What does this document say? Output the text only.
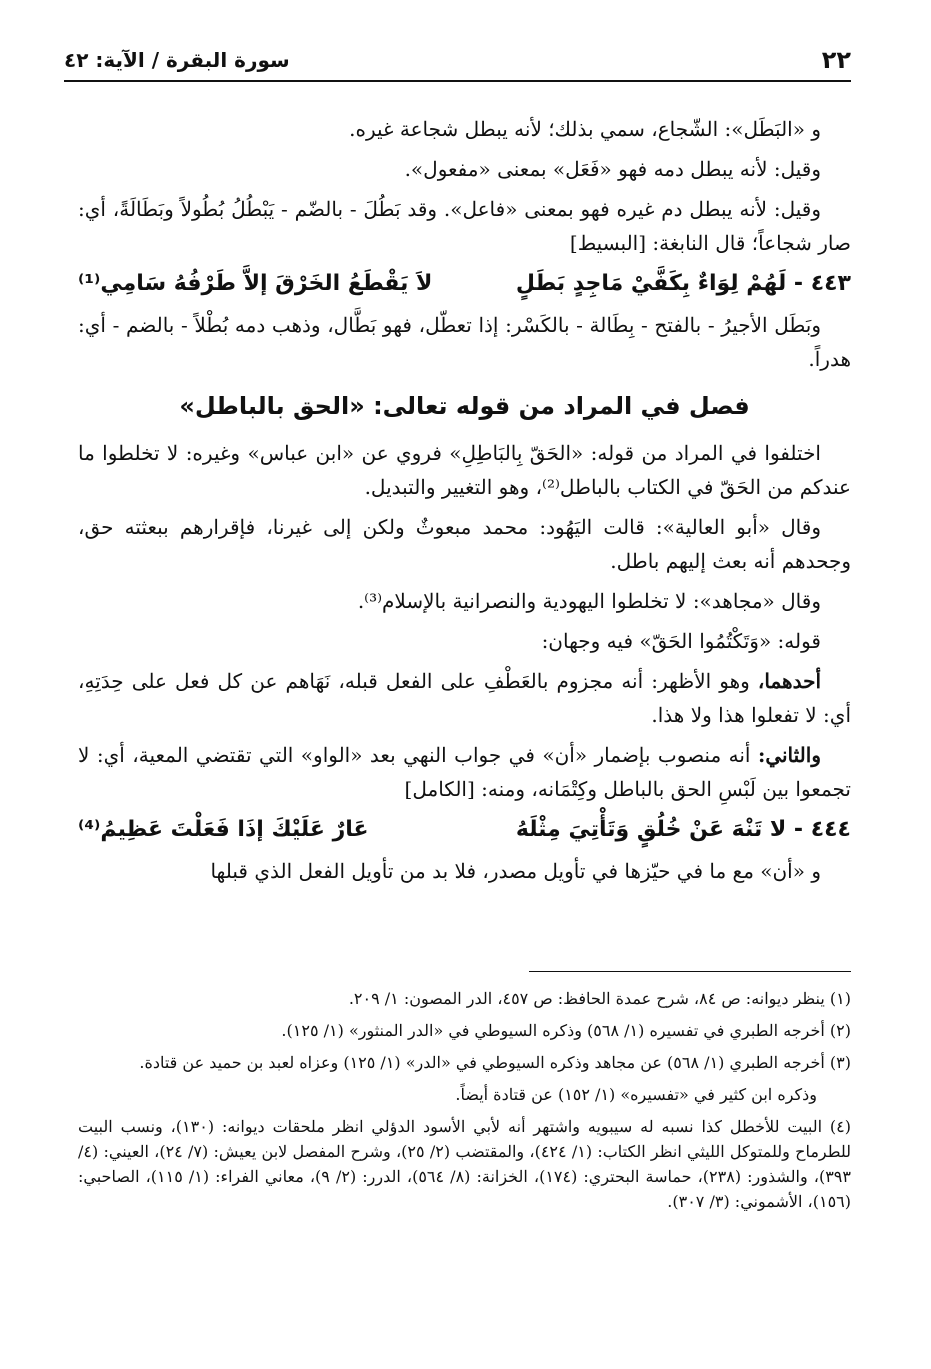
٢٢
سورة البقرة / الآية: ٤٢

و «البَطَل»: الشّجاع، سمي بذلك؛ لأنه يبطل شجاعة غيره.

وقيل: لأنه يبطل دمه فهو «فَعَل» بمعنى «مفعول».

وقيل: لأنه يبطل دم غيره فهو بمعنى «فاعل». وقد بَطُلَ - بالضّم - يَبْطُلُ بُطُولاً وبَطَالَةً، أي: صار شجاعاً؛ قال النابغة: [البسيط]

٤٤٣ - لَهُمْ لِوَاءٌ بِكَفَّيْ مَاجِدٍ بَطَلٍ
لاَ يَقْطَعُ الخَرْقَ إلاَّ طَرْفُهُ سَامِي⁽¹⁾

وبَطَل الأجيرُ - بالفتح - بِطَالة - بالكَسْر: إذا تعطّل، فهو بَطَّال، وذهب دمه بُطْلاً - بالضم - أي: هدراً.

فصل في المراد من قوله تعالى: «الحق بالباطل»

اختلفوا في المراد من قوله: «الحَقّ بِالبَاطِلِ» فروي عن «ابن عباس» وغيره: لا تخلطوا ما عندكم من الحَقّ في الكتاب بالباطل⁽²⁾، وهو التغيير والتبديل.

وقال «أبو العالية»: قالت اليَهُود: محمد مبعوثٌ ولكن إلى غيرنا، فإقرارهم ببعثته حق، وجحدهم أنه بعث إليهم باطل.

وقال «مجاهد»: لا تخلطوا اليهودية والنصرانية بالإسلام⁽³⁾.

قوله: «وَتَكْتُمُوا الحَقّ» فيه وجهان:

أحدهما، وهو الأظهر: أنه مجزوم بالعَطْفِ على الفعل قبله، نَهَاهم عن كل فعل على حِدَتِهِ، أي: لا تفعلوا هذا ولا هذا.

والثاني: أنه منصوب بإضمار «أن» في جواب النهي بعد «الواو» التي تقتضي المعية، أي: لا تجمعوا بين لَبْسِ الحق بالباطل وكِتْمَانه، ومنه: [الكامل]

٤٤٤ - لا تَنْهَ عَنْ خُلُقٍ وَتَأْتِيَ مِثْلَهُ
عَارٌ عَلَيْكَ إذَا فَعَلْتَ عَظِيمُ⁽⁴⁾

و «أن» مع ما في حيّزها في تأويل مصدر، فلا بد من تأويل الفعل الذي قبلها

(١) ينظر ديوانه: ص ٨٤، شرح عمدة الحافظ: ص ٤٥٧، الدر المصون: ١/ ٢٠٩.

(٢) أخرجه الطبري في تفسيره (١/ ٥٦٨) وذكره السيوطي في «الدر المنثور» (١/ ١٢٥).

(٣) أخرجه الطبري (١/ ٥٦٨) عن مجاهد وذكره السيوطي في «الدر» (١/ ١٢٥) وعزاه لعبد بن حميد عن قتادة.

وذكره ابن كثير في «تفسيره» (١/ ١٥٢) عن قتادة أيضاً.

(٤) البيت للأخطل كذا نسبه له سيبويه واشتهر أنه لأبي الأسود الدؤلي انظر ملحقات ديوانه: (١٣٠)، ونسب البيت للطرماح وللمتوكل الليثي انظر الكتاب: (١/ ٤٢٤)، والمقتضب (٢/ ٢٥)، وشرح المفصل لابن يعيش: (٧/ ٢٤)، العيني: (٤/ ٣٩٣)، والشذور: (٢٣٨)، حماسة البحتري: (١٧٤)، الخزانة: (٨/ ٥٦٤)، الدرر: (٢/ ٩)، معاني الفراء: (١/ ١١٥)، الصاحبي: (١٥٦)، الأشموني: (٣/ ٣٠٧).
